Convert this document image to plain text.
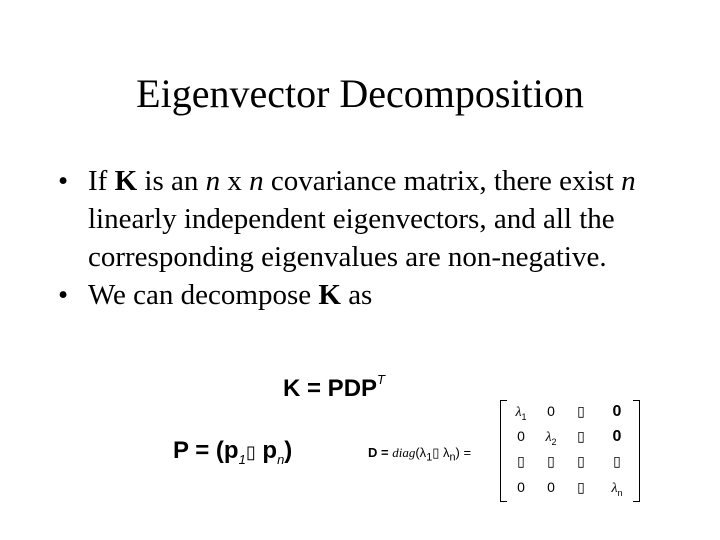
Eigenvector Decomposition
• If K is an n x n covariance matrix, there exist n linearly independent eigenvectors, and all the corresponding eigenvalues are non-negative.
• We can decompose K as
$K = PDP^T$
$P = (p_1▯$ $p_n$)	$D = diag(\lambda_1▯$ $\lambda_n$) =
$\lambda_1$	0	▯	0
0	$\lambda_2$	▯	0
▯	▯	▯	▯
0	0	▯	$\lambda_n$
